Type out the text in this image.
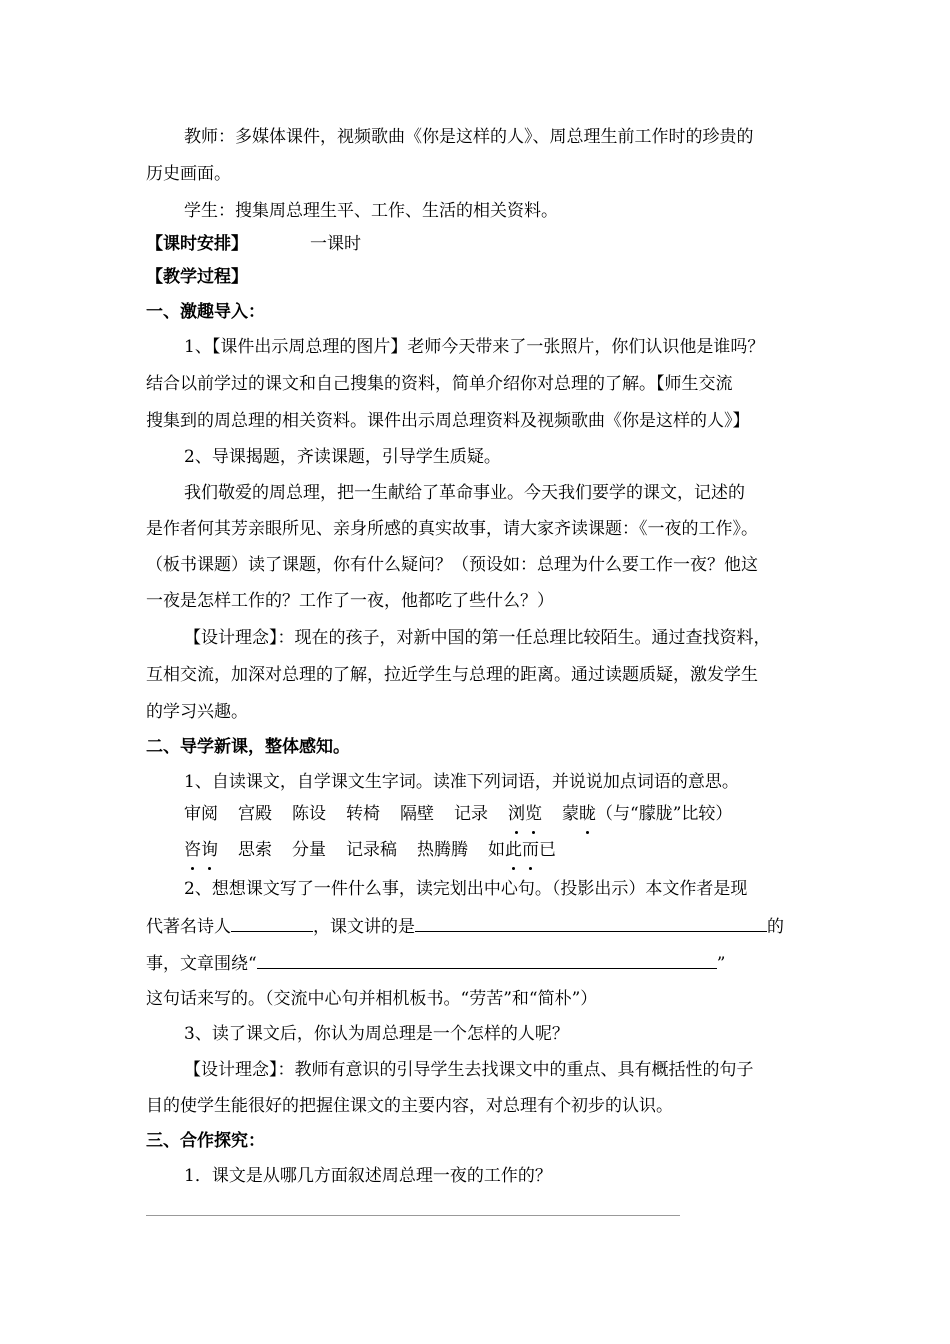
教师：多媒体课件，视频歌曲《你是这样的人》、周总理生前工作时的珍贵的
历史画面。
学生：搜集周总理生平、工作、生活的相关资料。
【课时安排】	一课时
【教学过程】
一、激趣导入：
1、【课件出示周总理的图片】老师今天带来了一张照片，你们认识他是谁吗？
结合以前学过的课文和自己搜集的资料，简单介绍你对总理的了解。【师生交流
搜集到的周总理的相关资料。课件出示周总理资料及视频歌曲《你是这样的人》】
2、导课揭题，齐读课题，引导学生质疑。
我们敬爱的周总理，把一生献给了革命事业。今天我们要学的课文，记述的
是作者何其芳亲眼所见、亲身所感的真实故事，请大家齐读课题：《一夜的工作》。
（板书课题）读了课题，你有什么疑问？（预设如：总理为什么要工作一夜？他这
一夜是怎样工作的？工作了一夜，他都吃了些什么？）
【设计理念】：现在的孩子，对新中国的第一任总理比较陌生。通过查找资料，
互相交流，加深对总理的了解，拉近学生与总理的距离。通过读题质疑，激发学生
的学习兴趣。
二、导学新课，整体感知。
1、自读课文，自学课文生字词。读准下列词语，并说说加点词语的意思。
审阅 宫殿 陈设 转椅 隔壁 记录 浏览 蒙眬（与“朦胧”比较）
咨询 思索 分量 记录稿 热腾腾 如此而已
2、想想课文写了一件什么事，读完划出中心句。（投影出示）本文作者是现
代著名诗人	，课文讲的是	的
事，文章围绕“	”
这句话来写的。（交流中心句并相机板书。“劳苦”和“简朴”）
3、读了课文后，你认为周总理是一个怎样的人呢？
【设计理念】：教师有意识的引导学生去找课文中的重点、具有概括性的句子
目的使学生能很好的把握住课文的主要内容，对总理有个初步的认识。
三、合作探究：
1．课文是从哪几方面叙述周总理一夜的工作的？
